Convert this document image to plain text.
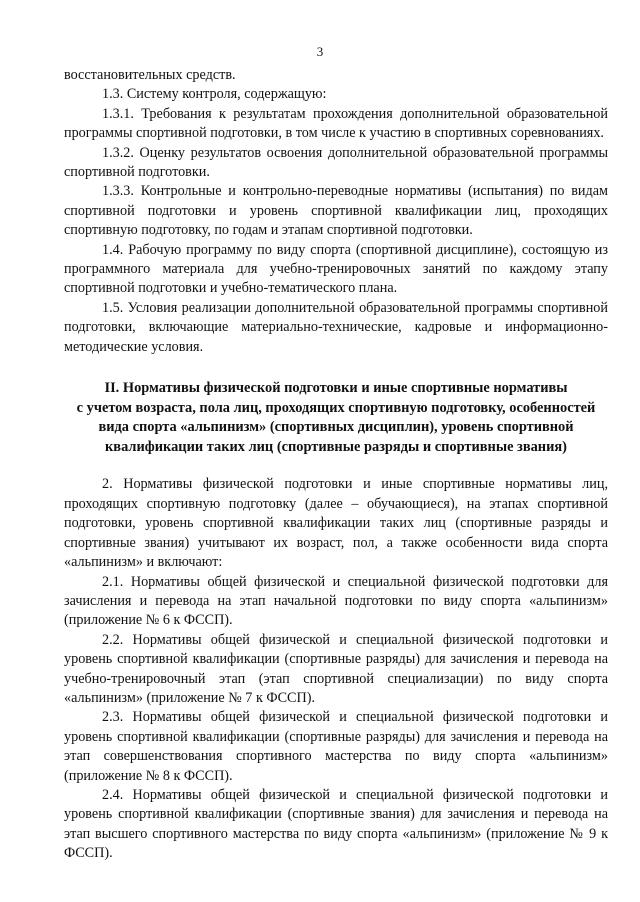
3

восстановительных средств.

1.3. Систему контроля, содержащую:

1.3.1. Требования к результатам прохождения дополнительной образовательной программы спортивной подготовки, в том числе к участию в спортивных соревнованиях.

1.3.2. Оценку результатов освоения дополнительной образовательной программы спортивной подготовки.

1.3.3. Контрольные и контрольно-переводные нормативы (испытания) по видам спортивной подготовки и уровень спортивной квалификации лиц, проходящих спортивную подготовку, по годам и этапам спортивной подготовки.

1.4. Рабочую программу по виду спорта (спортивной дисциплине), состоящую из программного материала для учебно-тренировочных занятий по каждому этапу спортивной подготовки и учебно-тематического плана.

1.5. Условия реализации дополнительной образовательной программы спортивной подготовки, включающие материально-технические, кадровые и информационно-методические условия.

II. Нормативы физической подготовки и иные спортивные нормативы
с учетом возраста, пола лиц, проходящих спортивную подготовку, особенностей
вида спорта «альпинизм» (спортивных дисциплин), уровень спортивной
квалификации таких лиц (спортивные разряды и спортивные звания)

2. Нормативы физической подготовки и иные спортивные нормативы лиц, проходящих спортивную подготовку (далее – обучающиеся), на этапах спортивной подготовки, уровень спортивной квалификации таких лиц (спортивные разряды и спортивные звания) учитывают их возраст, пол, а также особенности вида спорта «альпинизм» и включают:

2.1. Нормативы общей физической и специальной физической подготовки для зачисления и перевода на этап начальной подготовки по виду спорта «альпинизм» (приложение № 6 к ФССП).

2.2. Нормативы общей физической и специальной физической подготовки и уровень спортивной квалификации (спортивные разряды) для зачисления и перевода на учебно-тренировочный этап (этап спортивной специализации) по виду спорта «альпинизм» (приложение № 7 к ФССП).

2.3. Нормативы общей физической и специальной физической подготовки и уровень спортивной квалификации (спортивные разряды) для зачисления и перевода на этап совершенствования спортивного мастерства по виду спорта «альпинизм» (приложение № 8 к ФССП).

2.4. Нормативы общей физической и специальной физической подготовки и уровень спортивной квалификации (спортивные звания) для зачисления и перевода на этап высшего спортивного мастерства по виду спорта «альпинизм» (приложение № 9 к ФССП).
